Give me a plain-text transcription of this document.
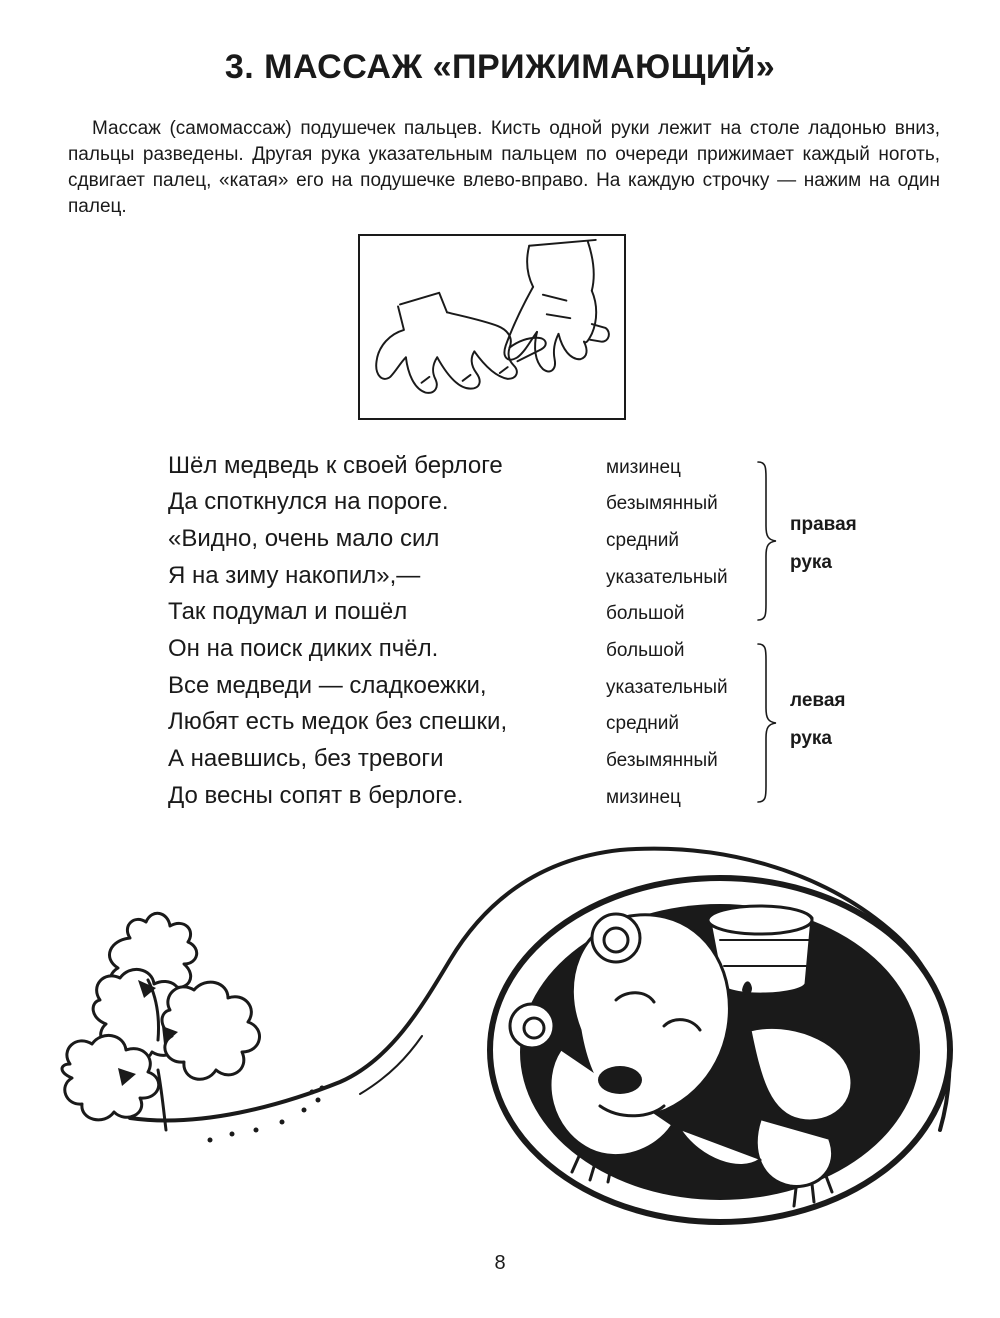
3. МАССАЖ «ПРИЖИМАЮЩИЙ»

Массаж (самомассаж) подушечек пальцев. Кисть одной руки лежит на столе ладонью вниз, пальцы разведены. Другая рука указательным пальцем по очереди прижимает каждый ноготь, сдвигает палец, «катая» его на подушечке влево-вправо. На каждую строчку — нажим на один палец.

Шёл медведь к своей берлоге	мизинец
Да споткнулся на пороге.	безымянный
«Видно, очень мало сил	средний
Я на зиму накопил»,—	указательный
Так подумал и пошёл	большой
Он на поиск диких пчёл.	большой
Все медведи — сладкоежки,	указательный
Любят есть медок без спешки,	средний
А наевшись, без тревоги	безымянный
До весны сопят в берлоге.	мизинец
правая
рука
левая
рука
8
